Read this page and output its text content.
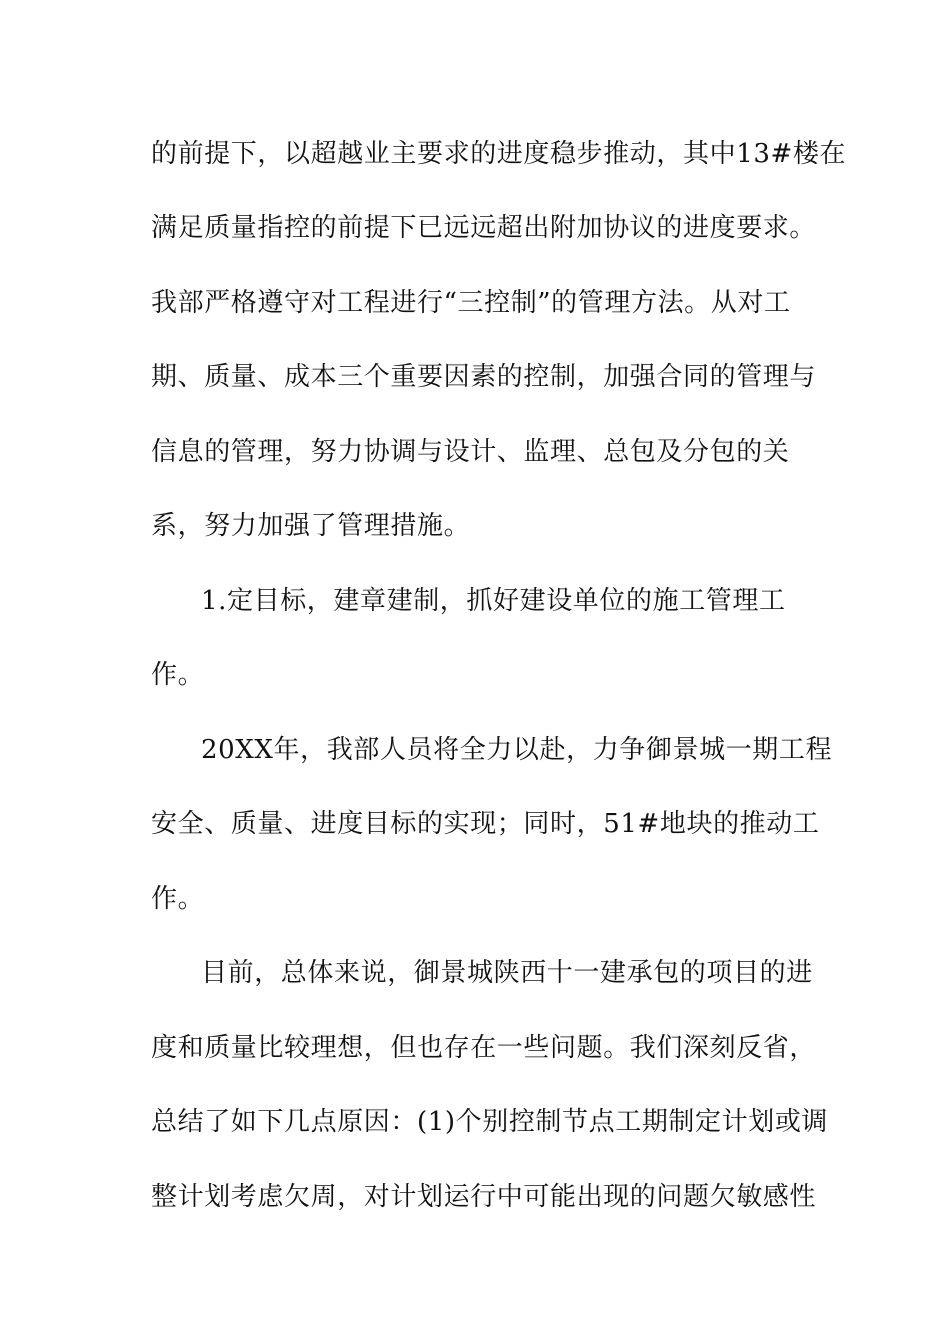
的前提下，以超越业主要求的进度稳步推动，其中13#楼在
满足质量指控的前提下已远远超出附加协议的进度要求。
我部严格遵守对工程进行“三控制”的管理方法。从对工
期、质量、成本三个重要因素的控制，加强合同的管理与
信息的管理，努力协调与设计、监理、总包及分包的关
系，努力加强了管理措施。
1.定目标，建章建制，抓好建设单位的施工管理工
作。
20XX年，我部人员将全力以赴，力争御景城一期工程
安全、质量、进度目标的实现；同时，51#地块的推动工
作。
目前，总体来说，御景城陕西十一建承包的项目的进
度和质量比较理想，但也存在一些问题。我们深刻反省，
总结了如下几点原因：(1)个别控制节点工期制定计划或调
整计划考虑欠周，对计划运行中可能出现的问题欠敏感性
